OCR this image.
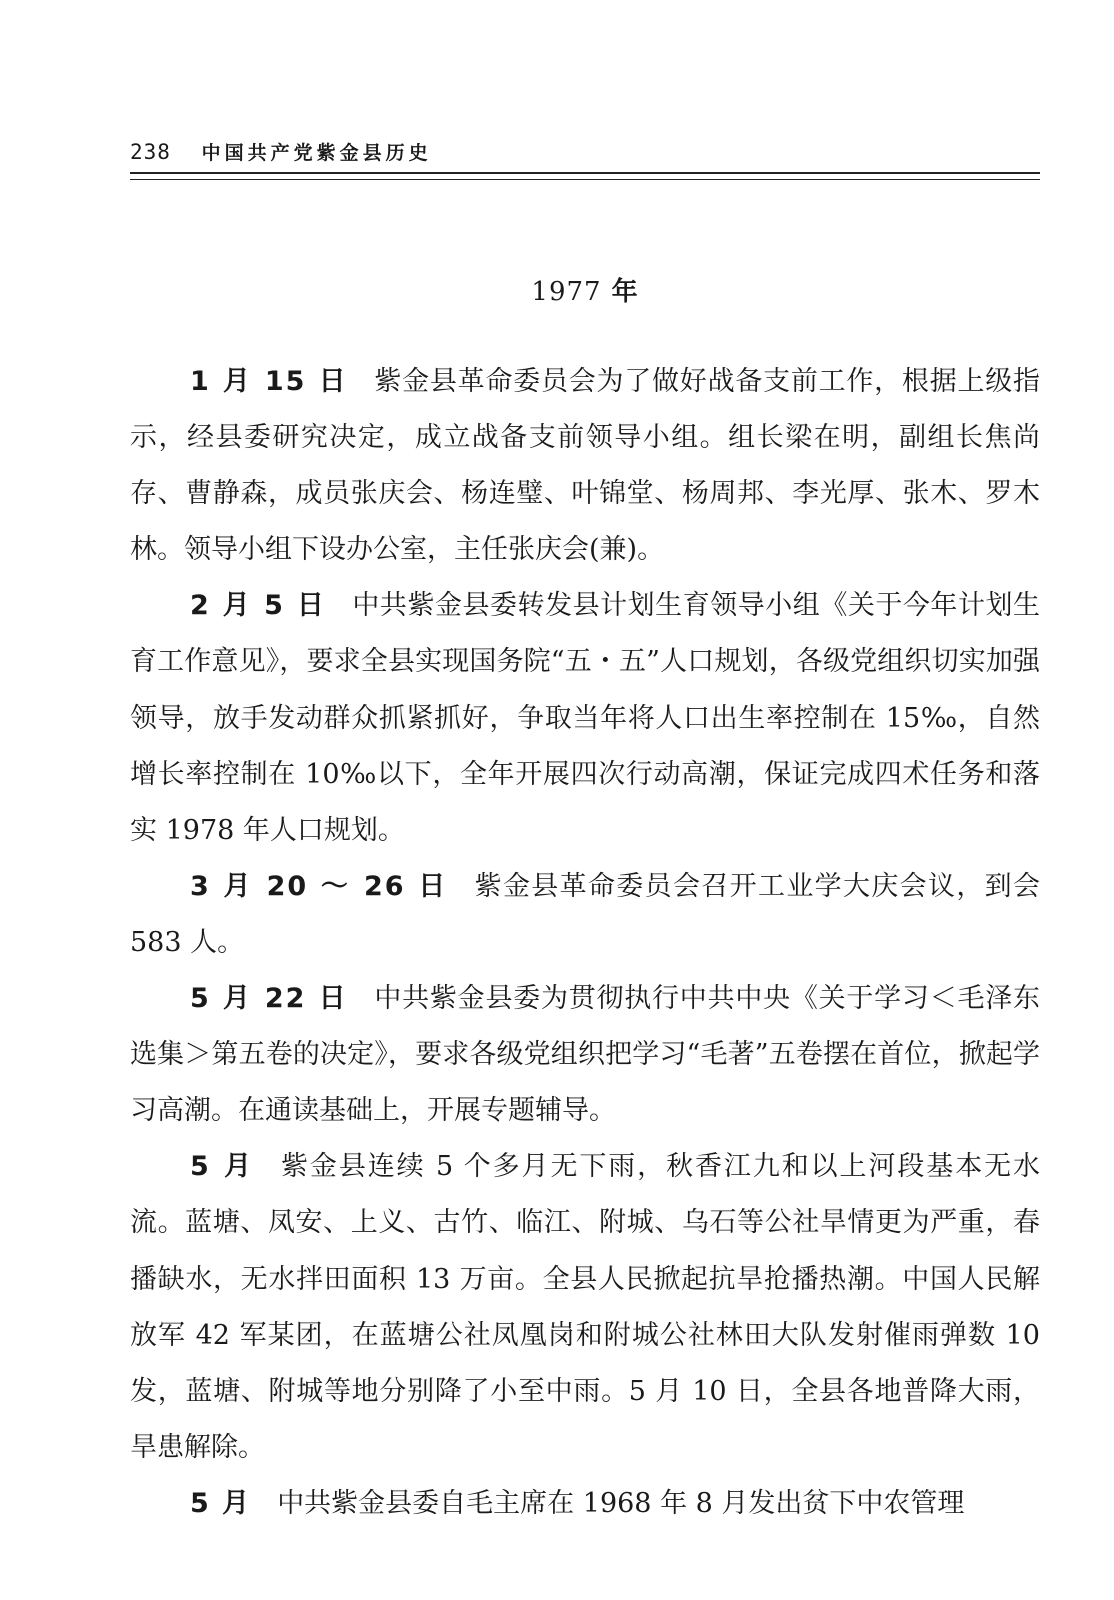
238 中国共产党紫金县历史
1977 年

1 月 15 日 紫金县革命委员会为了做好战备支前工作，根据上级指示，经县委研究决定，成立战备支前领导小组。组长梁在明，副组长焦尚存、曹静森，成员张庆会、杨连璧、叶锦堂、杨周邦、李光厚、张木、罗木林。领导小组下设办公室，主任张庆会(兼)。

2 月 5 日 中共紫金县委转发县计划生育领导小组《关于今年计划生育工作意见》，要求全县实现国务院“五・五”人口规划，各级党组织切实加强领导，放手发动群众抓紧抓好，争取当年将人口出生率控制在 15‰，自然增长率控制在 10‰以下，全年开展四次行动高潮，保证完成四术任务和落实 1978 年人口规划。

3 月 20 ～ 26 日 紫金县革命委员会召开工业学大庆会议，到会 583 人。

5 月 22 日 中共紫金县委为贯彻执行中共中央《关于学习＜毛泽东选集＞第五卷的决定》，要求各级党组织把学习“毛著”五卷摆在首位，掀起学习高潮。在通读基础上，开展专题辅导。

5 月 紫金县连续 5 个多月无下雨，秋香江九和以上河段基本无水流。蓝塘、凤安、上义、古竹、临江、附城、乌石等公社旱情更为严重，春播缺水，无水拌田面积 13 万亩。全县人民掀起抗旱抢播热潮。中国人民解放军 42 军某团，在蓝塘公社凤凰岗和附城公社林田大队发射催雨弹数 10 发，蓝塘、附城等地分别降了小至中雨。5 月 10 日，全县各地普降大雨，旱患解除。

5 月 中共紫金县委自毛主席在 1968 年 8 月发出贫下中农管理
